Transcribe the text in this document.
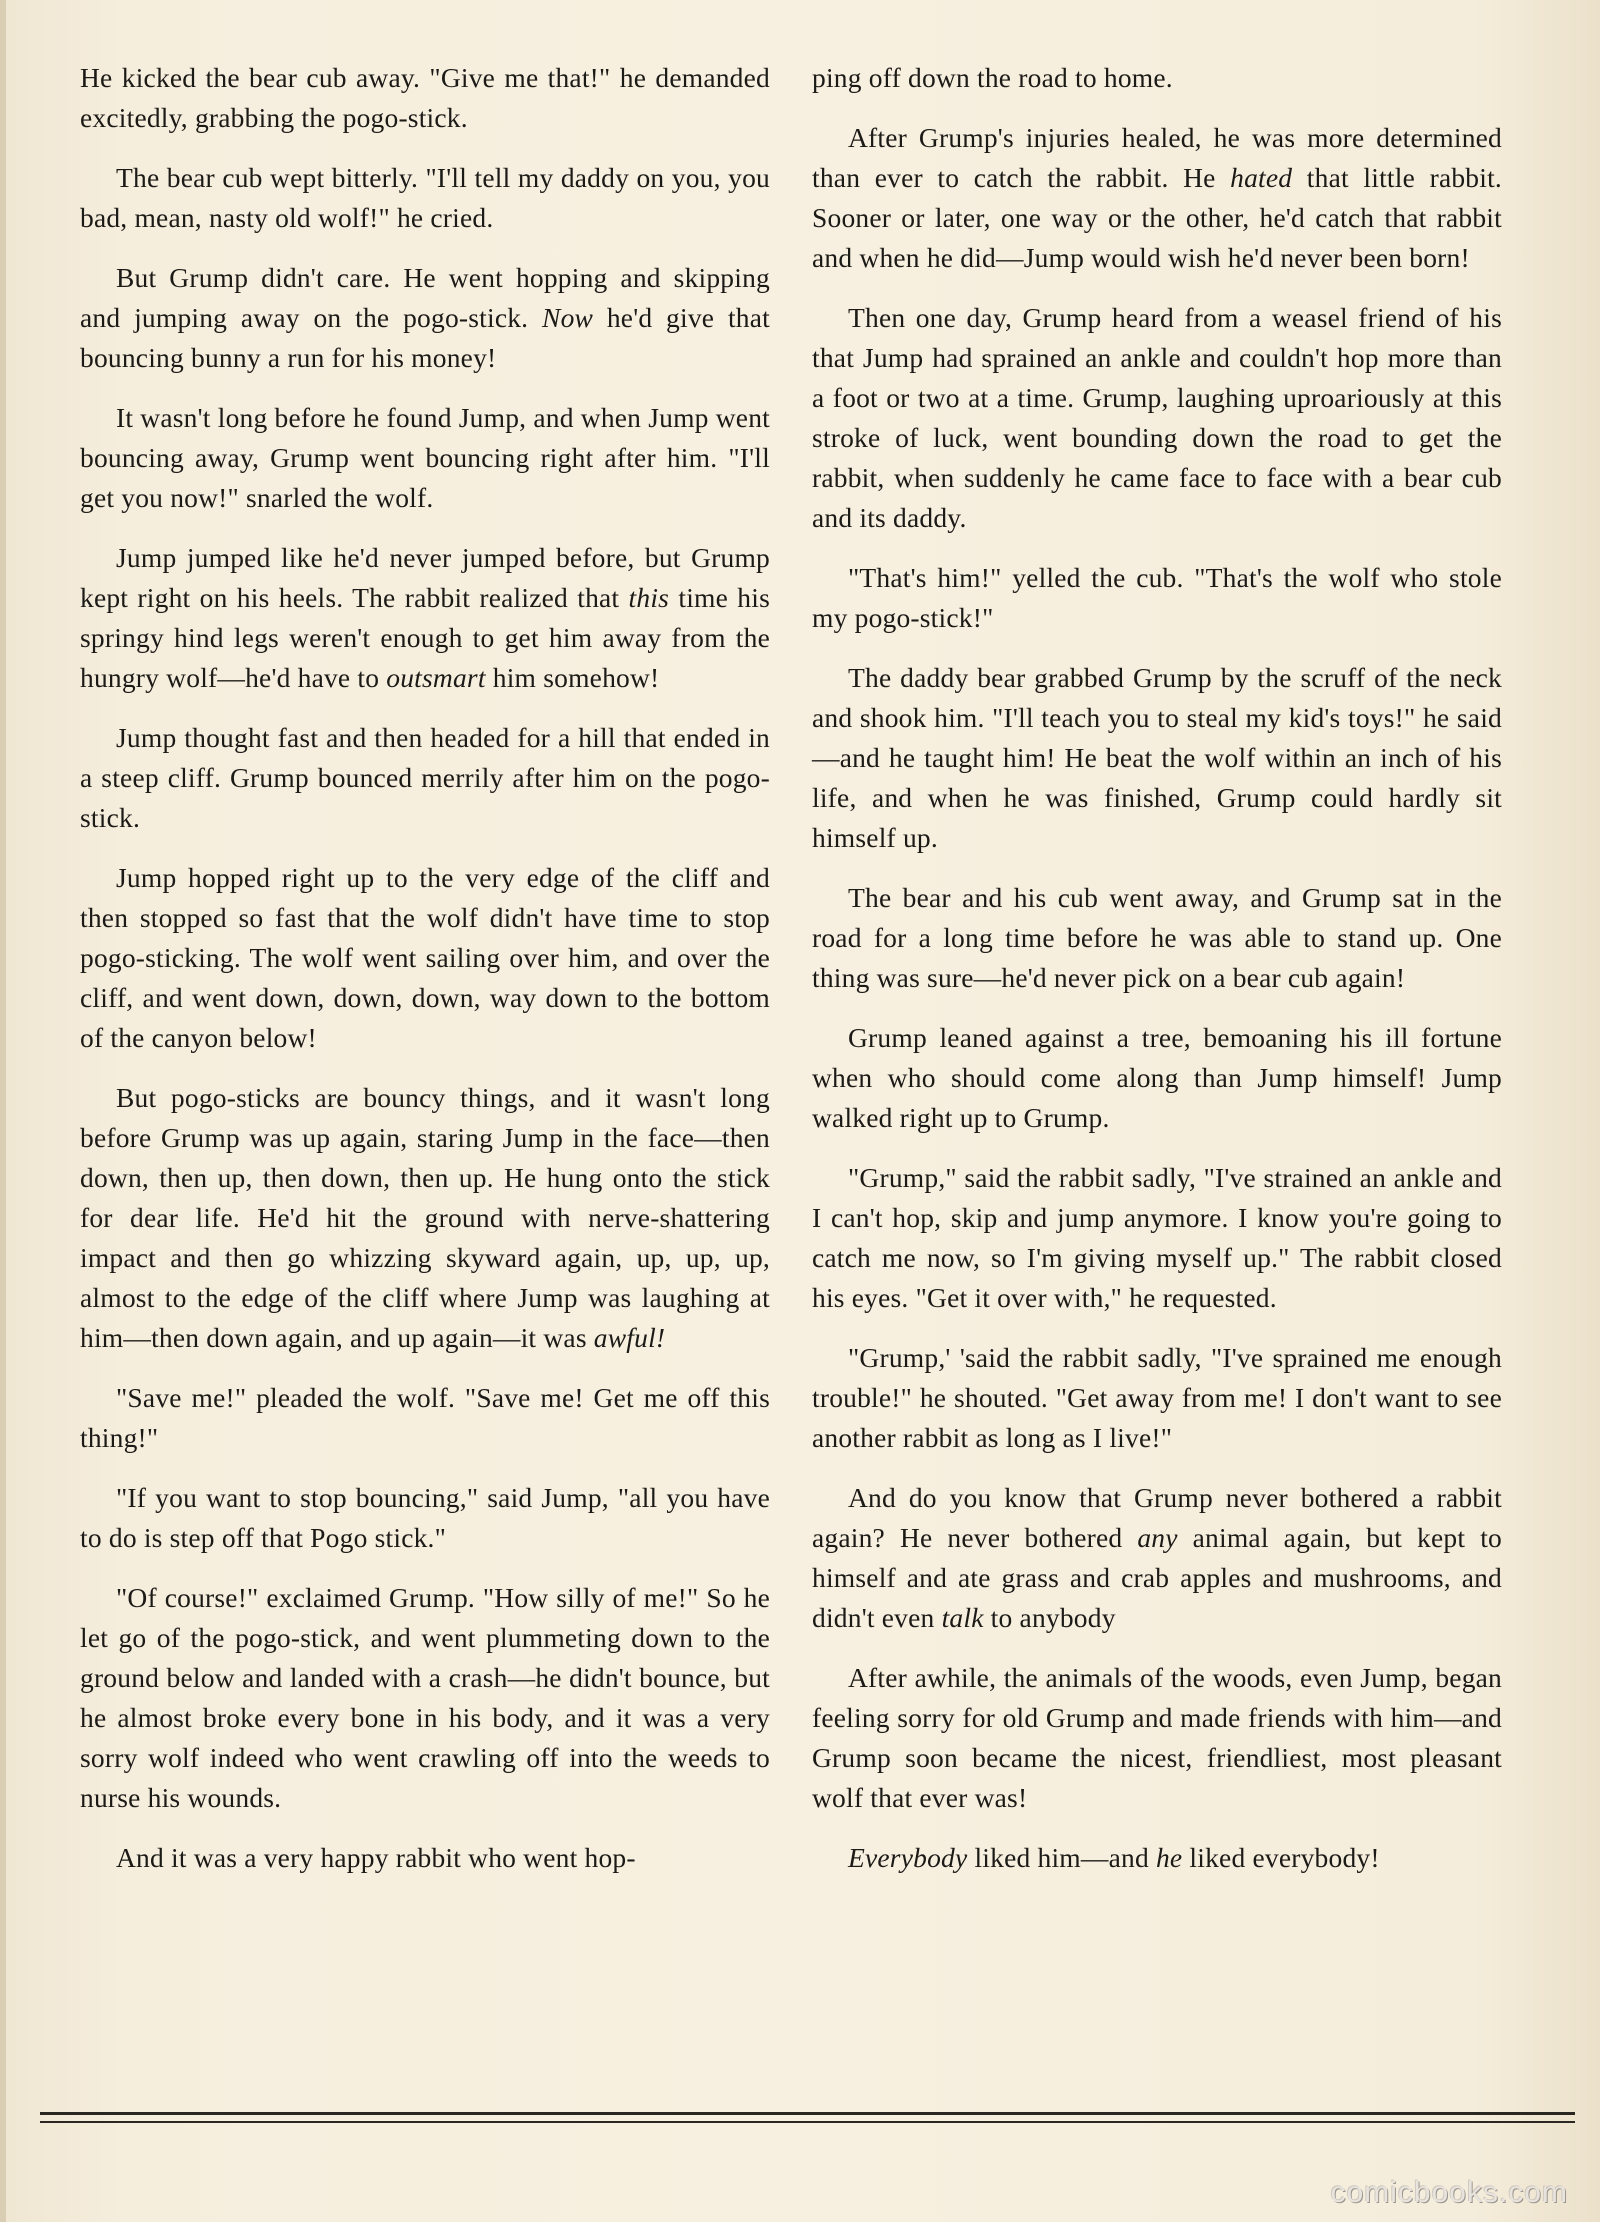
He kicked the bear cub away. "Give me that!" he demanded excitedly, grabbing the pogo-stick.

The bear cub wept bitterly. "I'll tell my daddy on you, you bad, mean, nasty old wolf!" he cried.

But Grump didn't care. He went hopping and skipping and jumping away on the pogo-stick. Now he'd give that bouncing bunny a run for his money!

It wasn't long before he found Jump, and when Jump went bouncing away, Grump went bouncing right after him. "I'll get you now!" snarled the wolf.

Jump jumped like he'd never jumped before, but Grump kept right on his heels. The rabbit realized that this time his springy hind legs weren't enough to get him away from the hungry wolf—he'd have to outsmart him somehow!

Jump thought fast and then headed for a hill that ended in a steep cliff. Grump bounced merrily after him on the pogo-stick.

Jump hopped right up to the very edge of the cliff and then stopped so fast that the wolf didn't have time to stop pogo-sticking. The wolf went sailing over him, and over the cliff, and went down, down, down, way down to the bottom of the canyon below!

But pogo-sticks are bouncy things, and it wasn't long before Grump was up again, staring Jump in the face—then down, then up, then down, then up. He hung onto the stick for dear life. He'd hit the ground with nerve-shattering impact and then go whizzing skyward again, up, up, up, almost to the edge of the cliff where Jump was laughing at him—then down again, and up again—it was awful!

"Save me!" pleaded the wolf. "Save me! Get me off this thing!"

"If you want to stop bouncing," said Jump, "all you have to do is step off that Pogo stick."

"Of course!" exclaimed Grump. "How silly of me!" So he let go of the pogo-stick, and went plummeting down to the ground below and landed with a crash—he didn't bounce, but he almost broke every bone in his body, and it was a very sorry wolf indeed who went crawling off into the weeds to nurse his wounds.

And it was a very happy rabbit who went hop-

ping off down the road to home.

After Grump's injuries healed, he was more determined than ever to catch the rabbit. He hated that little rabbit. Sooner or later, one way or the other, he'd catch that rabbit and when he did—Jump would wish he'd never been born!

Then one day, Grump heard from a weasel friend of his that Jump had sprained an ankle and couldn't hop more than a foot or two at a time. Grump, laughing uproariously at this stroke of luck, went bounding down the road to get the rabbit, when suddenly he came face to face with a bear cub and its daddy.

"That's him!" yelled the cub. "That's the wolf who stole my pogo-stick!"

The daddy bear grabbed Grump by the scruff of the neck and shook him. "I'll teach you to steal my kid's toys!" he said—and he taught him! He beat the wolf within an inch of his life, and when he was finished, Grump could hardly sit himself up.

The bear and his cub went away, and Grump sat in the road for a long time before he was able to stand up. One thing was sure—he'd never pick on a bear cub again!

Grump leaned against a tree, bemoaning his ill fortune when who should come along than Jump himself! Jump walked right up to Grump.

"Grump," said the rabbit sadly, "I've strained an ankle and I can't hop, skip and jump anymore. I know you're going to catch me now, so I'm giving myself up." The rabbit closed his eyes. "Get it over with," he requested.

"Grump,' 'said the rabbit sadly, "I've sprained me enough trouble!" he shouted. "Get away from me! I don't want to see another rabbit as long as I live!"

And do you know that Grump never bothered a rabbit again? He never bothered any animal again, but kept to himself and ate grass and crab apples and mushrooms, and didn't even talk to anybody

After awhile, the animals of the woods, even Jump, began feeling sorry for old Grump and made friends with him—and Grump soon became the nicest, friendliest, most pleasant wolf that ever was!

Everybody liked him—and he liked everybody!

comicbooks.com
